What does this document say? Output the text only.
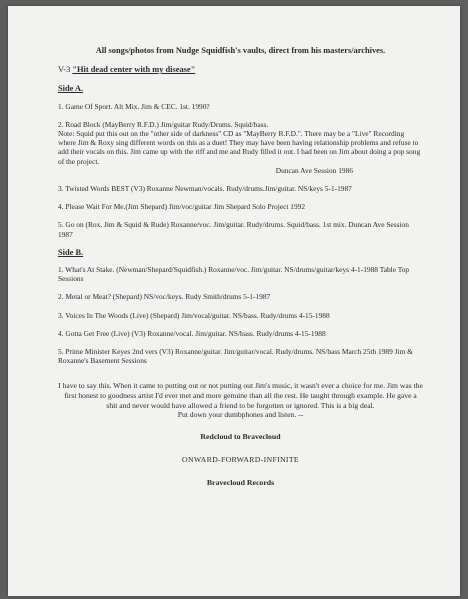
All songs/photos from Nudge Squidfish's vaults, direct from his masters/archives.
V-3 "Hit dead center with my disease"
Side A.
1. Game Of Sport. Alt Mix. Jim & CEC. 1st. 1990?
2. Road Block (MayBerry R.F.D.) Jim/guitar Rudy/Drums. Squid/bass.
Note: Squid put this out on the "other side of darkness" CD as "MayBerry R.F.D.". There may be a "Live" Recording where Jim & Roxy sing different words on this as a duet! They may have been having relationship problems and refuse to add their vocals on this. Jim came up with the riff and me and Rudy filled it out. I had been on Jim about doing a pop song of the project.
Duncan Ave Session 1986
3. Twisted Words BEST (V3) Roxanne Newman/vocals. Rudy/drums.Jim/guitar. NS/keys 5-1-1987
4. Please Wait For Me.(Jim Shepard) Jim/voc/guitar Jim Shepard Solo Project 1992
5. Go on (Rox, Jim & Squid & Rude) Roxanne/voc. Jim/guitar. Rudy/drums. Squid/bass. 1st mix. Duncan Ave Session 1987
Side B.
1. What's At Stake. (Newman/Shepard/Squidfish.) Roxanne/voc. Jim/guitar. NS/drums/guitar/keys 4-1-1988 Table Top Sessions
2. Metal or Meat? (Shepard) NS/voc/keys. Rudy Smith/drums 5-1-1987
3. Voices In The Woods (Live) (Shepard) Jim/vocal/guitar. NS/bass. Rudy/drums 4-15-1988
4. Gotta Get Free (Live) (V3) Roxanne/vocal. Jim/guitar. NS/bass. Rudy/drums 4-15-1988
5. Prime Minister Keyes 2nd vers (V3) Roxanne/guitar. Jim/guitar/vocal. Rudy/drums. NS/bass March 25th 1989 Jim & Roxanne's Basement Sessions
I have to say this. When it came to putting out or not putting out Jim's music, it wasn't ever a choice for me. Jim was the first honest to goodness artist I'd ever met and more genuine than all the rest. He taught through example. He gave a shit and never would have allowed a friend to be forgotten or ignored. This is a big deal.
Put down your dumbphones and listen. --
Redcloud to Bravecloud
ONWARD-FORWARD-INFINITE
Bravecloud Records
